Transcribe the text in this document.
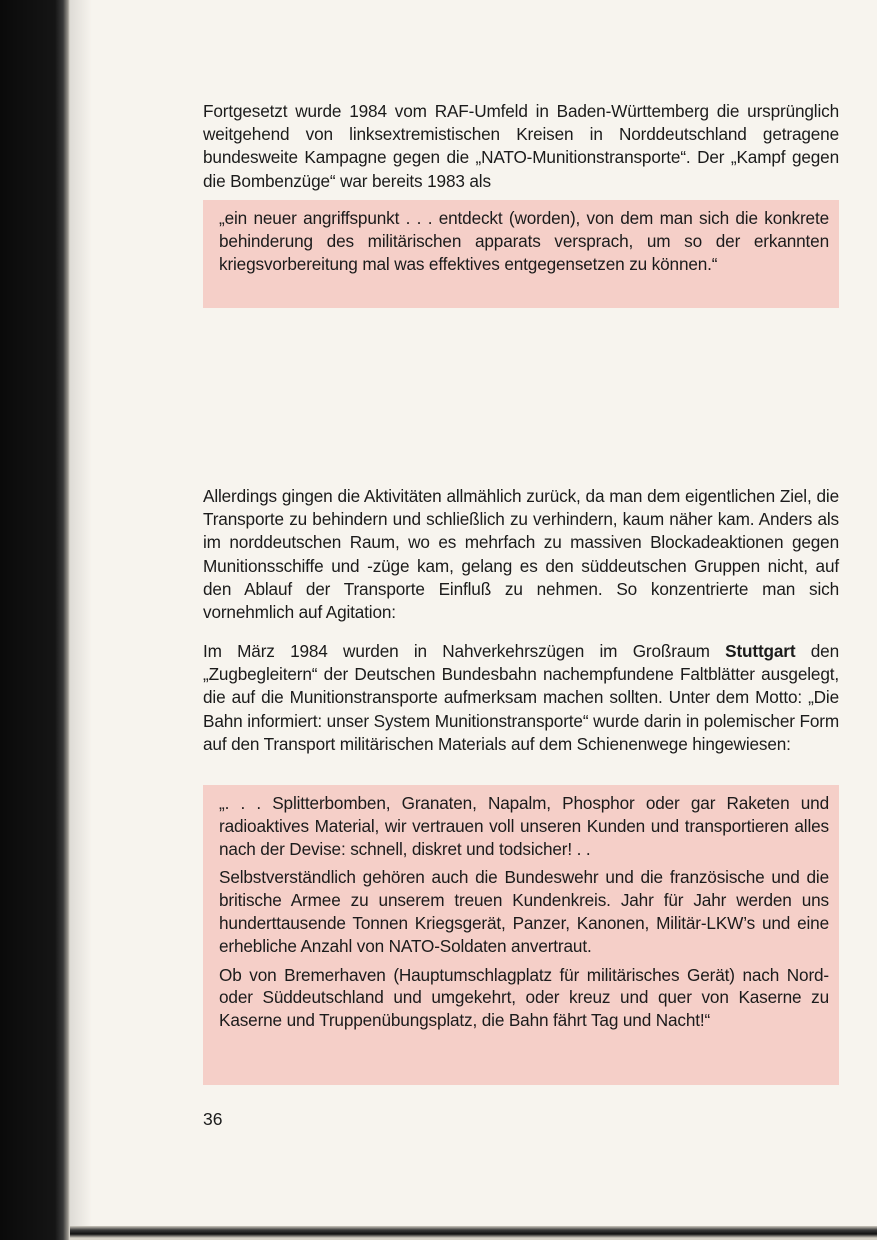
Fortgesetzt wurde 1984 vom RAF-Umfeld in Baden-Württemberg die ursprünglich weitgehend von linksextremistischen Kreisen in Norddeutschland getragene bundesweite Kampagne gegen die „NATO-Munitionstransporte“. Der „Kampf gegen die Bombenzüge“ war bereits 1983 als

„ein neuer angriffspunkt . . . entdeckt (worden), von dem man sich die konkrete behinderung des militärischen apparats versprach, um so der erkannten kriegsvorbereitung mal was effektives entgegensetzen zu können.“

Allerdings gingen die Aktivitäten allmählich zurück, da man dem eigentlichen Ziel, die Transporte zu behindern und schließlich zu verhindern, kaum näher kam. Anders als im norddeutschen Raum, wo es mehrfach zu massiven Blockadeaktionen gegen Munitionsschiffe und -züge kam, gelang es den süddeutschen Gruppen nicht, auf den Ablauf der Transporte Einfluß zu nehmen. So konzentrierte man sich vornehmlich auf Agitation:

Im März 1984 wurden in Nahverkehrszügen im Großraum Stuttgart den „Zugbegleitern“ der Deutschen Bundesbahn nachempfundene Faltblätter ausgelegt, die auf die Munitionstransporte aufmerksam machen sollten. Unter dem Motto: „Die Bahn informiert: unser System Munitionstransporte“ wurde darin in polemischer Form auf den Transport militärischen Materials auf dem Schienenwege hingewiesen:

„. . . Splitterbomben, Granaten, Napalm, Phosphor oder gar Raketen und radioaktives Material, wir vertrauen voll unseren Kunden und transportieren alles nach der Devise: schnell, diskret und todsicher! . .

Selbstverständlich gehören auch die Bundeswehr und die französische und die britische Armee zu unserem treuen Kundenkreis. Jahr für Jahr werden uns hunderttausende Tonnen Kriegsgerät, Panzer, Kanonen, Militär-LKW’s und eine erhebliche Anzahl von NATO-Soldaten anvertraut.

Ob von Bremerhaven (Hauptumschlagplatz für militärisches Gerät) nach Nord- oder Süddeutschland und umgekehrt, oder kreuz und quer von Kaserne zu Kaserne und Truppenübungsplatz, die Bahn fährt Tag und Nacht!“

36
